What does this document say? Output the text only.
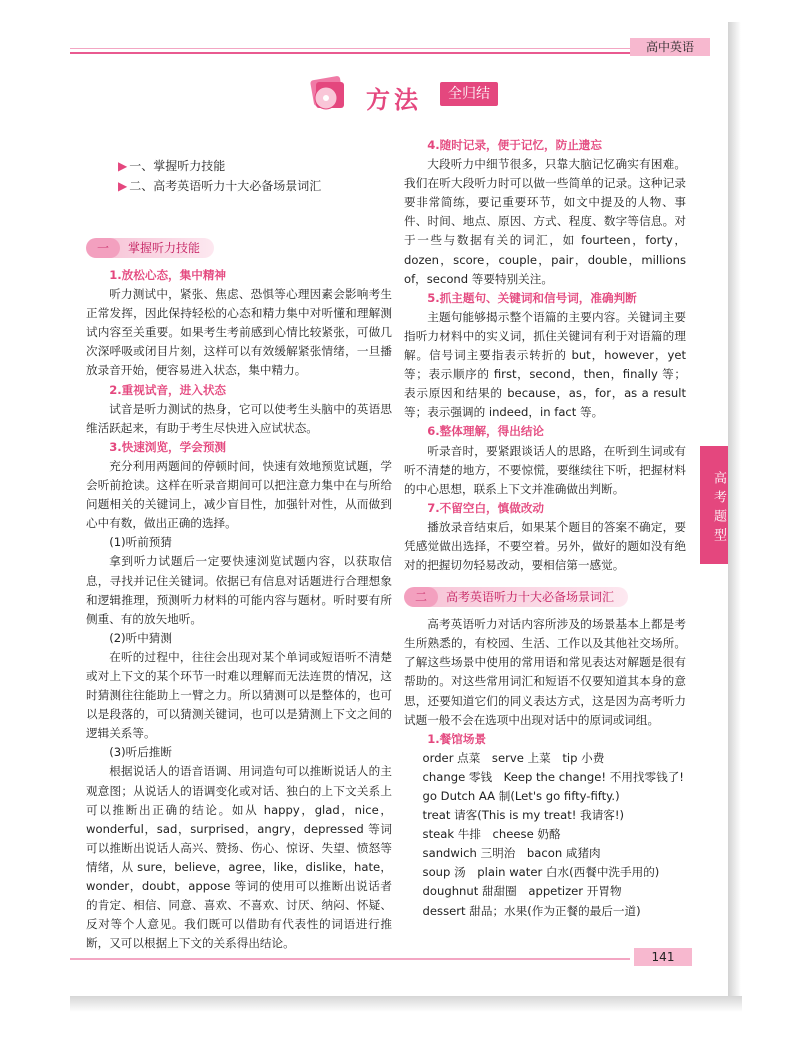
高中英语
方法	全归结
▶ 一、掌握听力技能
▶ 二、高考英语听力十大必备场景词汇
掌握听力技能
一

1.放松心态，集中精神

听力测试中，紧张、焦虑、恐惧等心理因素会影响考生正常发挥，因此保持轻松的心态和精力集中对听懂和理解测试内容至关重要。如果考生考前感到心情比较紧张，可做几次深呼吸或闭目片刻，这样可以有效缓解紧张情绪，一旦播放录音开始，便容易进入状态，集中精力。

2.重视试音，进入状态

试音是听力测试的热身，它可以使考生头脑中的英语思维活跃起来，有助于考生尽快进入应试状态。

3.快速浏览，学会预测

充分利用两题间的停顿时间，快速有效地预览试题，学会听前抢读。这样在听录音期间可以把注意力集中在与所给问题相关的关键词上，减少盲目性，加强针对性，从而做到心中有数，做出正确的选择。

(1)听前预猜

拿到听力试题后一定要快速浏览试题内容，以获取信息，寻找并记住关键词。依据已有信息对话题进行合理想象和逻辑推理，预测听力材料的可能内容与题材。听时要有所侧重、有的放矢地听。

(2)听中猜测

在听的过程中，往往会出现对某个单词或短语听不清楚或对上下文的某个环节一时难以理解而无法连贯的情况，这时猜测往往能助上一臂之力。所以猜测可以是整体的，也可以是段落的，可以猜测关键词，也可以是猜测上下文之间的逻辑关系等。

(3)听后推断

根据说话人的语音语调、用词造句可以推断说话人的主观意图；从说话人的语调变化或对话、独白的上下文关系上可以推断出正确的结论。如从 happy，glad，nice，wonderful，sad，surprised，angry，depressed 等词可以推断出说话人高兴、赞扬、伤心、惊讶、失望、愤怒等情绪，从 sure，believe，agree，like，dislike，hate，wonder，doubt，appose 等词的使用可以推断出说话者的肯定、相信、同意、喜欢、不喜欢、讨厌、纳闷、怀疑、反对等个人意见。我们既可以借助有代表性的词语进行推断，又可以根据上下文的关系得出结论。

4.随时记录，便于记忆，防止遗忘

大段听力中细节很多，只靠大脑记忆确实有困难。我们在听大段听力时可以做一些简单的记录。这种记录要非常简练，要记重要环节，如文中提及的人物、事件、时间、地点、原因、方式、程度、数字等信息。对于一些与数据有关的词汇，如 fourteen，forty，dozen，score，couple，pair，double，millions of，second 等要特别关注。

5.抓主题句、关键词和信号词，准确判断

主题句能够揭示整个语篇的主要内容。关键词主要指听力材料中的实义词，抓住关键词有利于对语篇的理解。信号词主要指表示转折的 but，however，yet 等；表示顺序的 first，second，then，finally 等；表示原因和结果的 because，as，for，as a result 等；表示强调的 indeed，in fact 等。

6.整体理解，得出结论

听录音时，要紧跟谈话人的思路，在听到生词或有听不清楚的地方，不要惊慌，要继续往下听，把握材料的中心思想，联系上下文并准确做出判断。

7.不留空白，慎做改动

播放录音结束后，如果某个题目的答案不确定，要凭感觉做出选择，不要空着。另外，做好的题如没有绝对的把握切勿轻易改动，要相信第一感觉。

高考英语听力十大必备场景词汇
二

高考英语听力对话内容所涉及的场景基本上都是考生所熟悉的，有校园、生活、工作以及其他社交场所。了解这些场景中使用的常用语和常见表达对解题是很有帮助的。对这些常用词汇和短语不仅要知道其本身的意思，还要知道它们的同义表达方式，这是因为高考听力试题一般不会在选项中出现对话中的原词或词组。

1.餐馆场景

order 点菜　serve 上菜　tip 小费

change 零钱　Keep the change! 不用找零钱了!

go Dutch AA 制(Let's go fifty-fifty.)

treat 请客(This is my treat! 我请客!)

steak 牛排　cheese 奶酪

sandwich 三明治　bacon 咸猪肉

soup 汤　plain water 白水(西餐中洗手用的)

doughnut 甜甜圈　appetizer 开胃物

dessert 甜品；水果(作为正餐的最后一道)

高考题型
141
